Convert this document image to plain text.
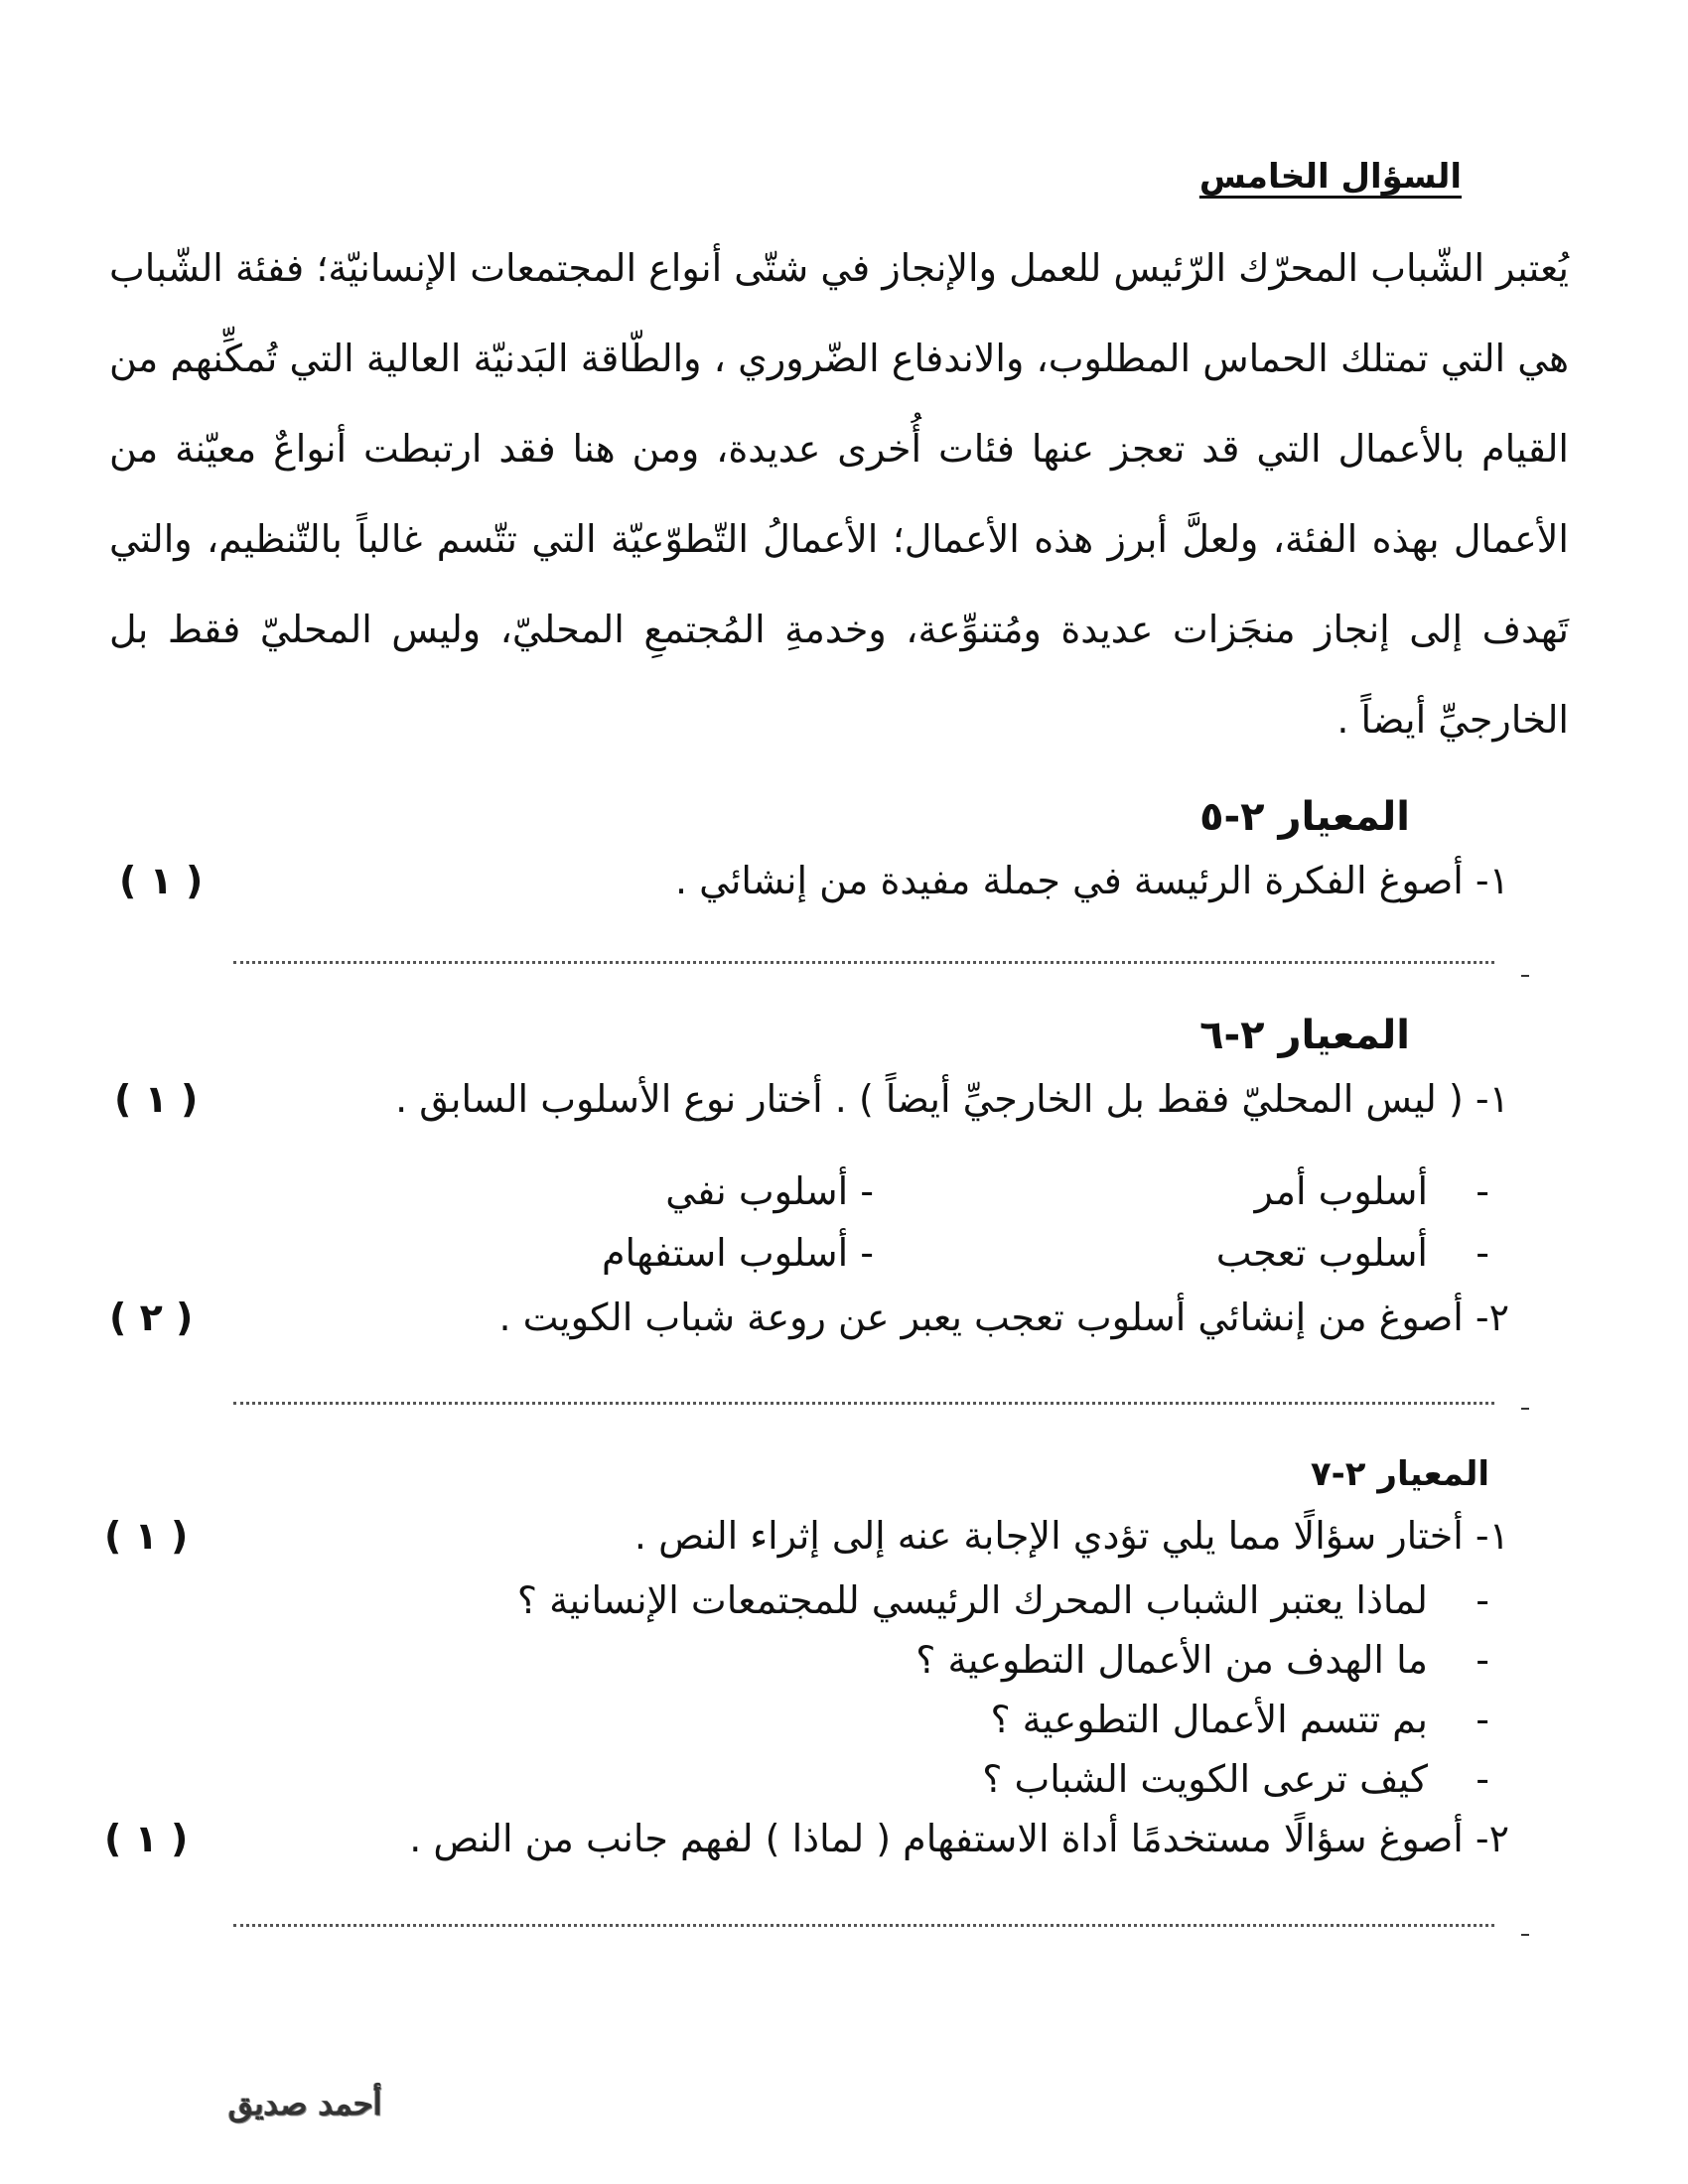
السؤال الخامس
يُعتبر الشّباب المحرّك الرّئيس للعمل والإنجاز في شتّى أنواع المجتمعات الإنسانيّة؛ ففئة الشّباب هي التي تمتلك الحماس المطلوب، والاندفاع الضّروري ، والطّاقة البَدنيّة العالية التي تُمكِّنهم من القيام بالأعمال التي قد تعجز عنها فئات أُخرى عديدة، ومن هنا فقد ارتبطت أنواعٌ معيّنة من الأعمال بهذه الفئة، ولعلَّ أبرز هذه الأعمال؛ الأعمالُ التّطوّعيّة التي تتّسم غالباً بالتّنظيم، والتي تَهدف إلى إنجاز منجَزات عديدة ومُتنوِّعة، وخدمةِ المُجتمعِ المحليّ، وليس المحليّ فقط بل الخارجيِّ أيضاً .
المعيار ٢-٥
١- أصوغ الفكرة الرئيسة في جملة مفيدة من إنشائي .
( ١ )
المعيار ٢-٦
١- ( ليس المحليّ فقط بل الخارجيِّ أيضاً ) . أختار نوع الأسلوب السابق .
( ١ )
-
أسلوب أمر
- أسلوب نفي
-
أسلوب تعجب
- أسلوب استفهام
٢- أصوغ من إنشائي أسلوب تعجب يعبر عن روعة شباب الكويت .
( ٢ )
المعيار ٢-٧
١- أختار سؤالًا مما يلي تؤدي الإجابة عنه إلى إثراء النص .
( ١ )
-
لماذا يعتبر الشباب المحرك الرئيسي للمجتمعات الإنسانية ؟
-
ما الهدف من الأعمال التطوعية ؟
-
بم تتسم الأعمال التطوعية ؟
-
كيف ترعى الكويت الشباب ؟
٢- أصوغ سؤالًا مستخدمًا أداة الاستفهام ( لماذا ) لفهم جانب من النص .
( ١ )
أحمد صديق
